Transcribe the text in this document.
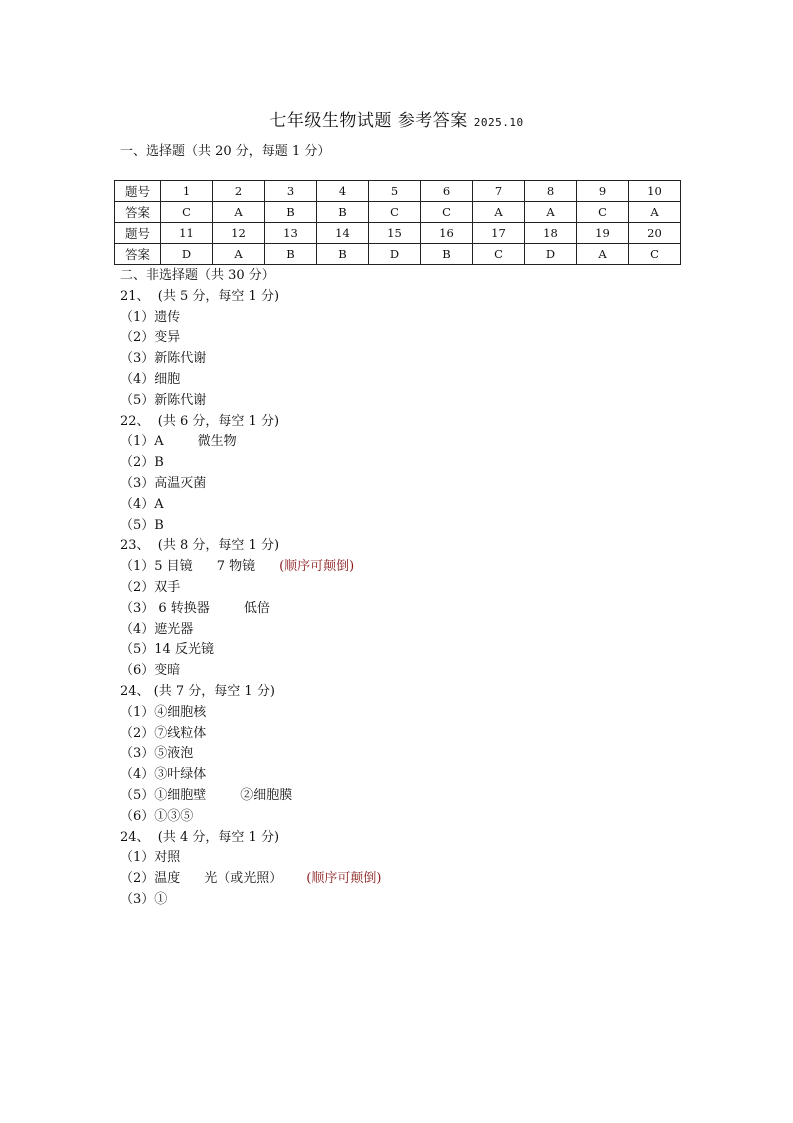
七年级生物试题 参考答案 2025.10
一、选择题（共 20 分，每题 1 分）
题号	1	2	3	4	5	6	7	8	9	10
答案	C	A	B	B	C	C	A	A	C	A
题号	11	12	13	14	15	16	17	18	19	20
答案	D	A	B	B	D	B	C	D	A	C
二、非选择题（共 30 分）
21、  (共 5 分，每空 1 分)
（1）遗传
（2）变异
（3）新陈代谢
（4）细胞
（5）新陈代谢
22、  (共 6 分，每空 1 分)
（1）A	微生物
（2）B
（3）高温灭菌
（4）A
（5）B
23、  (共 8 分，每空 1 分)
（1）5 目镜 7 物镜 (顺序可颠倒)
（2）双手
（3） 6 转换器	低倍
（4）遮光器
（5）14 反光镜
（6）变暗
24、 (共 7 分，每空 1 分)
（1）④细胞核
（2）⑦线粒体
（3）⑤液泡
（4）③叶绿体
（5）①细胞壁	②细胞膜
（6）①③⑤
24、  (共 4 分，每空 1 分)
（1）对照
（2）温度 光（或光照） (顺序可颠倒)
（3）①
